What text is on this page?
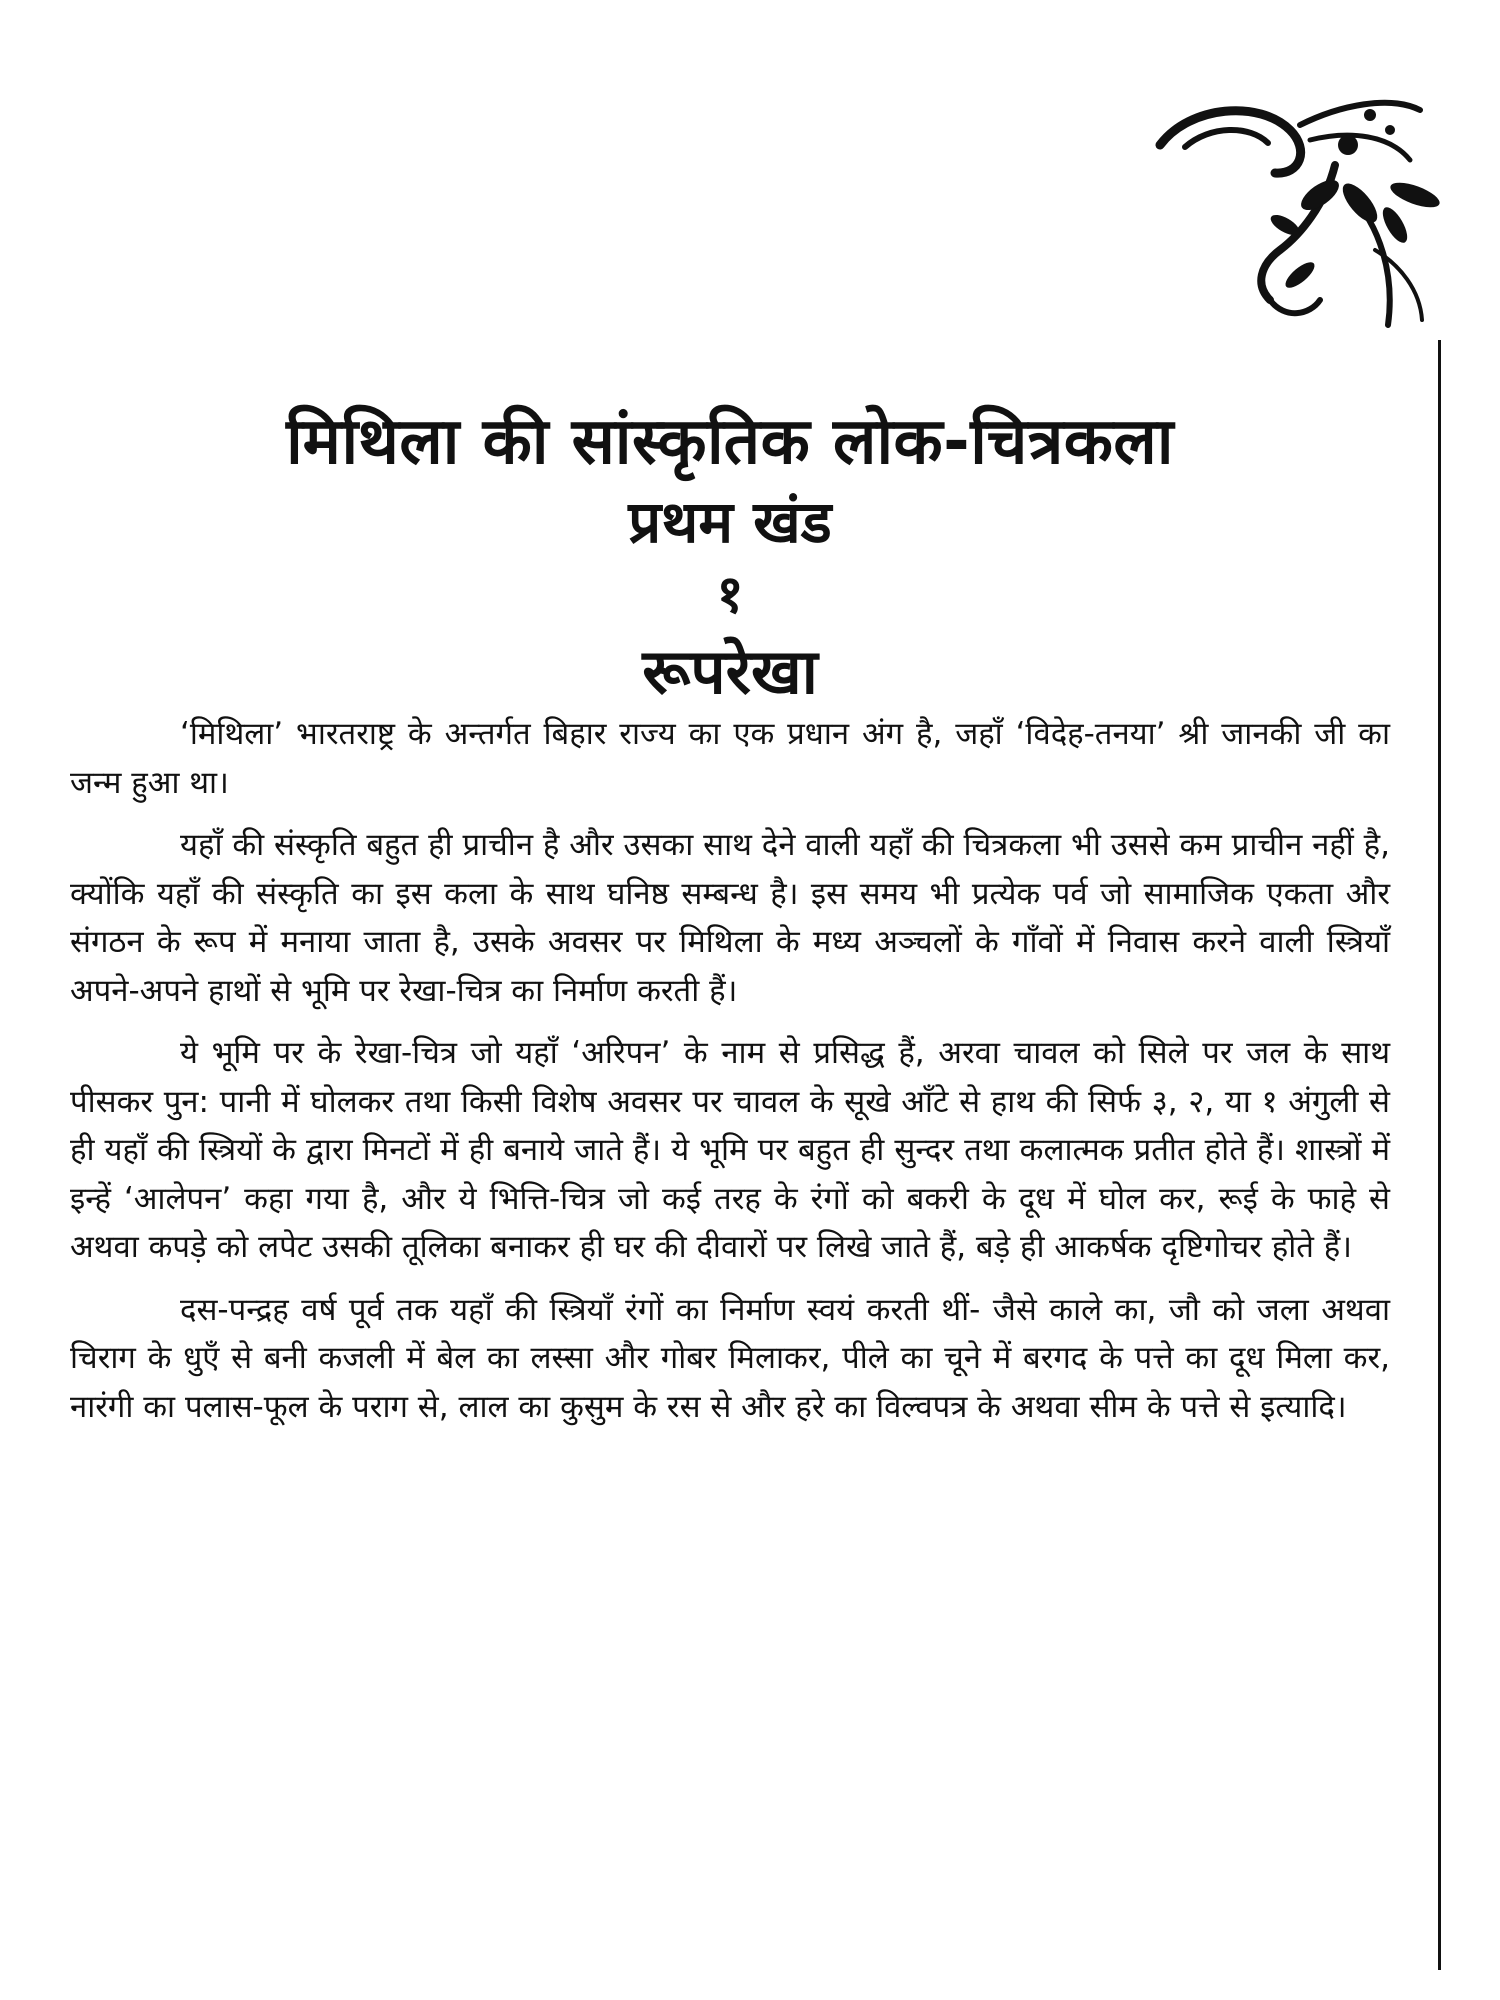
मिथिला की सांस्कृतिक लोक-चित्रकला

प्रथम खंड

१

रूपरेखा

‘मिथिला’ भारतराष्ट्र के अन्तर्गत बिहार राज्य का एक प्रधान अंग है, जहाँ ‘विदेह-तनया’ श्री जानकी जी का जन्म हुआ था।

यहाँ की संस्कृति बहुत ही प्राचीन है और उसका साथ देने वाली यहाँ की चित्रकला भी उससे कम प्राचीन नहीं है, क्योंकि यहाँ की संस्कृति का इस कला के साथ घनिष्ठ सम्बन्ध है। इस समय भी प्रत्येक पर्व जो सामाजिक एकता और संगठन के रूप में मनाया जाता है, उसके अवसर पर मिथिला के मध्य अञ्चलों के गाँवों में निवास करने वाली स्त्रियाँ अपने-अपने हाथों से भूमि पर रेखा-चित्र का निर्माण करती हैं।

ये भूमि पर के रेखा-चित्र जो यहाँ ‘अरिपन’ के नाम से प्रसिद्ध हैं, अरवा चावल को सिले पर जल के साथ पीसकर पुन: पानी में घोलकर तथा किसी विशेष अवसर पर चावल के सूखे आँटे से हाथ की सिर्फ ३, २, या १ अंगुली से ही यहाँ की स्त्रियों के द्वारा मिनटों में ही बनाये जाते हैं। ये भूमि पर बहुत ही सुन्दर तथा कलात्मक प्रतीत होते हैं। शास्त्रों में इन्हें ‘आलेपन’ कहा गया है, और ये भित्ति-चित्र जो कई तरह के रंगों को बकरी के दूध में घोल कर, रूई के फाहे से अथवा कपड़े को लपेट उसकी तूलिका बनाकर ही घर की दीवारों पर लिखे जाते हैं, बड़े ही आकर्षक दृष्टिगोचर होते हैं।

दस-पन्द्रह वर्ष पूर्व तक यहाँ की स्त्रियाँ रंगों का निर्माण स्वयं करती थीं- जैसे काले का, जौ को जला अथवा चिराग के धुएँ से बनी कजली में बेल का लस्सा और गोबर मिलाकर, पीले का चूने में बरगद के पत्ते का दूध मिला कर, नारंगी का पलास-फूल के पराग से, लाल का कुसुम के रस से और हरे का विल्वपत्र के अथवा सीम के पत्ते से इत्यादि।
